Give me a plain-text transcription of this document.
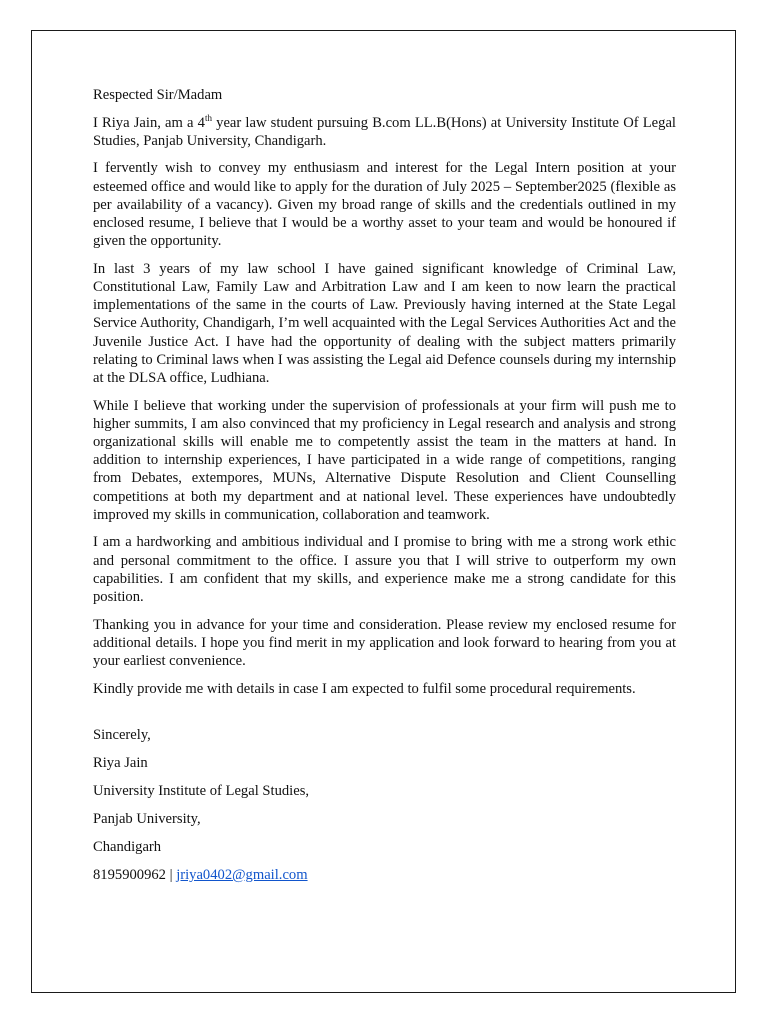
Respected Sir/Madam

I Riya Jain, am a 4th year law student pursuing B.com LL.B(Hons) at University Institute Of Legal Studies, Panjab University, Chandigarh.

I fervently wish to convey my enthusiasm and interest for the Legal Intern position at your esteemed office and would like to apply for the duration of July 2025 – September2025 (flexible as per availability of a vacancy). Given my broad range of skills and the credentials outlined in my enclosed resume, I believe that I would be a worthy asset to your team and would be honoured if given the opportunity.

In last 3 years of my law school I have gained significant knowledge of Criminal Law, Constitutional Law, Family Law and Arbitration Law and I am keen to now learn the practical implementations of the same in the courts of Law. Previously having interned at the State Legal Service Authority, Chandigarh, I’m well acquainted with the Legal Services Authorities Act and the Juvenile Justice Act. I have had the opportunity of dealing with the subject matters primarily relating to Criminal laws when I was assisting the Legal aid Defence counsels during my internship at the DLSA office, Ludhiana.

While I believe that working under the supervision of professionals at your firm will push me to higher summits, I am also convinced that my proficiency in Legal research and analysis and strong organizational skills will enable me to competently assist the team in the matters at hand. In addition to internship experiences, I have participated in a wide range of competitions, ranging from Debates, extempores, MUNs, Alternative Dispute Resolution and Client Counselling competitions at both my department and at national level. These experiences have undoubtedly improved my skills in communication, collaboration and teamwork.

I am a hardworking and ambitious individual and I promise to bring with me a strong work ethic and personal commitment to the office. I assure you that I will strive to outperform my own capabilities. I am confident that my skills, and experience make me a strong candidate for this position.

Thanking you in advance for your time and consideration. Please review my enclosed resume for additional details. I hope you find merit in my application and look forward to hearing from you at your earliest convenience.

Kindly provide me with details in case I am expected to fulfil some procedural requirements.

Sincerely,

Riya Jain

University Institute of Legal Studies,

Panjab University,

Chandigarh

8195900962 | jriya0402@gmail.com
